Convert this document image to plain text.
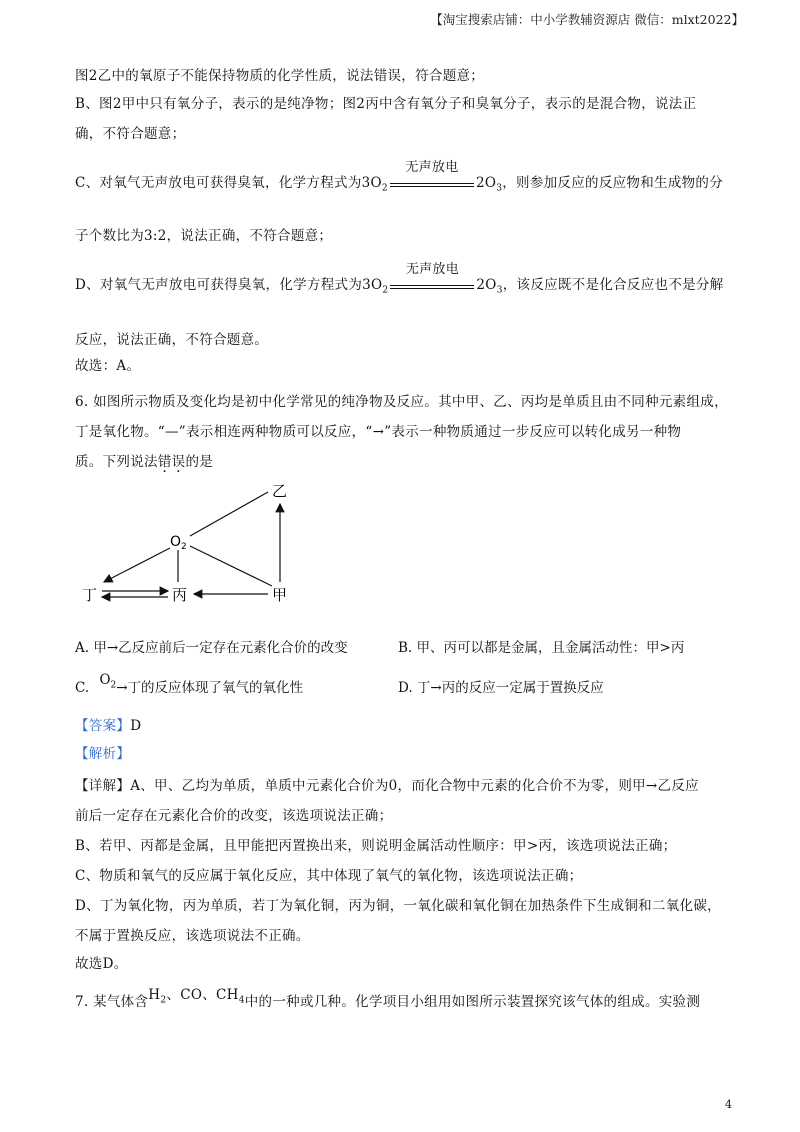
【淘宝搜索店铺：中小学教辅资源店 微信：mlxt2022】
图2乙中的氧原子不能保持物质的化学性质，说法错误，符合题意；
B、图2甲中只有氧分子，表示的是纯净物；图2丙中含有氧分子和臭氧分子，表示的是混合物，说法正
确，不符合题意；
C、对氧气无声放电可获得臭氧，化学方程式为$3O_2$
无声放电
$2O_3$，则参加反应的反应物和生成物的分
子个数比为3:2，说法正确，不符合题意；
D、对氧气无声放电可获得臭氧，化学方程式为$3O_2$
无声放电
$2O_3$，该反应既不是化合反应也不是分解
反应，说法正确，不符合题意。
故选：A。
6. 如图所示物质及变化均是初中化学常见的纯净物及反应。其中甲、乙、丙均是单质且由不同种元素组成，
丁是氧化物。“—”表示相连两种物质可以反应，“→”表示一种物质通过一步反应可以转化成另一种物
质。下列说法错误的是
$O_2$
乙
甲
丙
丁
A. 甲→乙反应前后一定存在元素化合价的改变	B. 甲、丙可以都是金属，且金属活动性：甲>丙
C. $O_2\to$丁的反应体现了氧气的氧化性	D. 丁→丙的反应一定属于置换反应
【答案】D
【解析】
【详解】A、甲、乙均为单质，单质中元素化合价为0，而化合物中元素的化合价不为零，则甲→乙反应
前后一定存在元素化合价的改变，该选项说法正确；
B、若甲、丙都是金属，且甲能把丙置换出来，则说明金属活动性顺序：甲>丙，该选项说法正确；
C、物质和氧气的反应属于氧化反应，其中体现了氧气的氧化物，该选项说法正确；
D、丁为氧化物，丙为单质，若丁为氧化铜，丙为铜，一氧化碳和氧化铜在加热条件下生成铜和二氧化碳，
不属于置换反应，该选项说法不正确。
故选D。
7. 某气体含$H_2$、CO、$CH_4$中的一种或几种。化学项目小组用如图所示装置探究该气体的组成。实验测
4
